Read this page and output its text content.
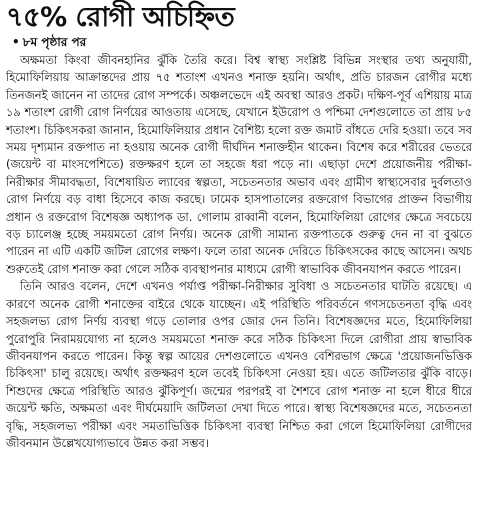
৭৫% রোগী অচিহ্নিত
• ৮ম পৃষ্ঠার পর

অক্ষমতা কিংবা জীবনহানির ঝুঁকি তৈরি করে। বিশ্ব স্বাস্থ্য সংশ্লিষ্ট বিভিন্ন সংস্থার তথ্য অনুযায়ী, হিমোফিলিয়ায় আক্রান্তদের প্রায় ৭৫ শতাংশ এখনও শনাক্ত হয়নি। অর্থাৎ, প্রতি চারজন রোগীর মধ্যে তিনজনই জানেন না তাদের রোগ সম্পর্কে। অঞ্চলভেদে এই অবস্থা আরও প্রকট। দক্ষিণ-পূর্ব এশিয়ায় মাত্র ১৯ শতাংশ রোগী রোগ নির্ণয়ের আওতায় এসেছে, যেখানে ইউরোপ ও পশ্চিমা দেশগুলোতে তা প্রায় ৮৫ শতাংশ। চিকিৎসকরা জানান, হিমোফিলিয়ার প্রধান বৈশিষ্ট্য হলো রক্ত জমাট বাঁধতে দেরি হওয়া। তবে সব সময় দৃশ্যমান রক্তপাত না হওয়ায় অনেক রোগী দীর্ঘদিন শনাক্তহীন থাকেন। বিশেষ করে শরীরের ভেতরে (জয়েন্ট বা মাংসপেশিতে) রক্তক্ষরণ হলে তা সহজে ধরা পড়ে না। এছাড়া দেশে প্রয়োজনীয় পরীক্ষা-নিরীক্ষার সীমাবদ্ধতা, বিশেষায়িত ল্যাবের স্বল্পতা, সচেতনতার অভাব এবং গ্রামীণ স্বাস্থ্যসেবার দুর্বলতাও রোগ নির্ণয়ে বড় বাধা হিসেবে কাজ করছে। ঢামেক হাসপাতালের রক্তরোগ বিভাগের প্রাক্তন বিভাগীয় প্রধান ও রক্তরোগ বিশেষজ্ঞ অধ্যাপক ডা. গোলাম রাব্বানী বলেন, হিমোফিলিয়া রোগের ক্ষেত্রে সবচেয়ে বড় চ্যালেঞ্জ হচ্ছে সময়মতো রোগ নির্ণয়। অনেক রোগী সামান্য রক্তপাতকে গুরুত্ব দেন না বা বুঝতে পারেন না এটি একটি জটিল রোগের লক্ষণ। ফলে তারা অনেক দেরিতে চিকিৎসকের কাছে আসেন। অথচ শুরুতেই রোগ শনাক্ত করা গেলে সঠিক ব্যবস্থাপনার মাধ্যমে রোগী স্বাভাবিক জীবনযাপন করতে পারেন।

তিনি আরও বলেন, দেশে এখনও পর্যাপ্ত পরীক্ষা-নিরীক্ষার সুবিধা ও সচেতনতার ঘাটতি রয়েছে। এ কারণে অনেক রোগী শনাক্তের বাইরে থেকে যাচ্ছেন। এই পরিস্থিতি পরিবর্তনে গণসচেতনতা বৃদ্ধি এবং সহজলভ্য রোগ নির্ণয় ব্যবস্থা গড়ে তোলার ওপর জোর দেন তিনি। বিশেষজ্ঞদের মতে, হিমোফিলিয়া পুরোপুরি নিরাময়যোগ্য না হলেও সময়মতো শনাক্ত করে সঠিক চিকিৎসা দিলে রোগীরা প্রায় স্বাভাবিক জীবনযাপন করতে পারেন। কিন্তু স্বল্প আয়ের দেশগুলোতে এখনও বেশিরভাগ ক্ষেত্রে 'প্রয়োজনভিত্তিক চিকিৎসা' চালু রয়েছে। অর্থাৎ রক্তক্ষরণ হলে তবেই চিকিৎসা নেওয়া হয়। এতে জটিলতার ঝুঁকি বাড়ে। শিশুদের ক্ষেত্রে পরিস্থিতি আরও ঝুঁকিপূর্ণ। জন্মের পরপরই বা শৈশবে রোগ শনাক্ত না হলে ধীরে ধীরে জয়েন্ট ক্ষতি, অক্ষমতা এবং দীর্ঘমেয়াদি জটিলতা দেখা দিতে পারে। স্বাস্থ্য বিশেষজ্ঞদের মতে, সচেতনতা বৃদ্ধি, সহজলভ্য পরীক্ষা এবং সমতাভিত্তিক চিকিৎসা ব্যবস্থা নিশ্চিত করা গেলে হিমোফিলিয়া রোগীদের জীবনমান উল্লেখযোগ্যভাবে উন্নত করা সম্ভব।
